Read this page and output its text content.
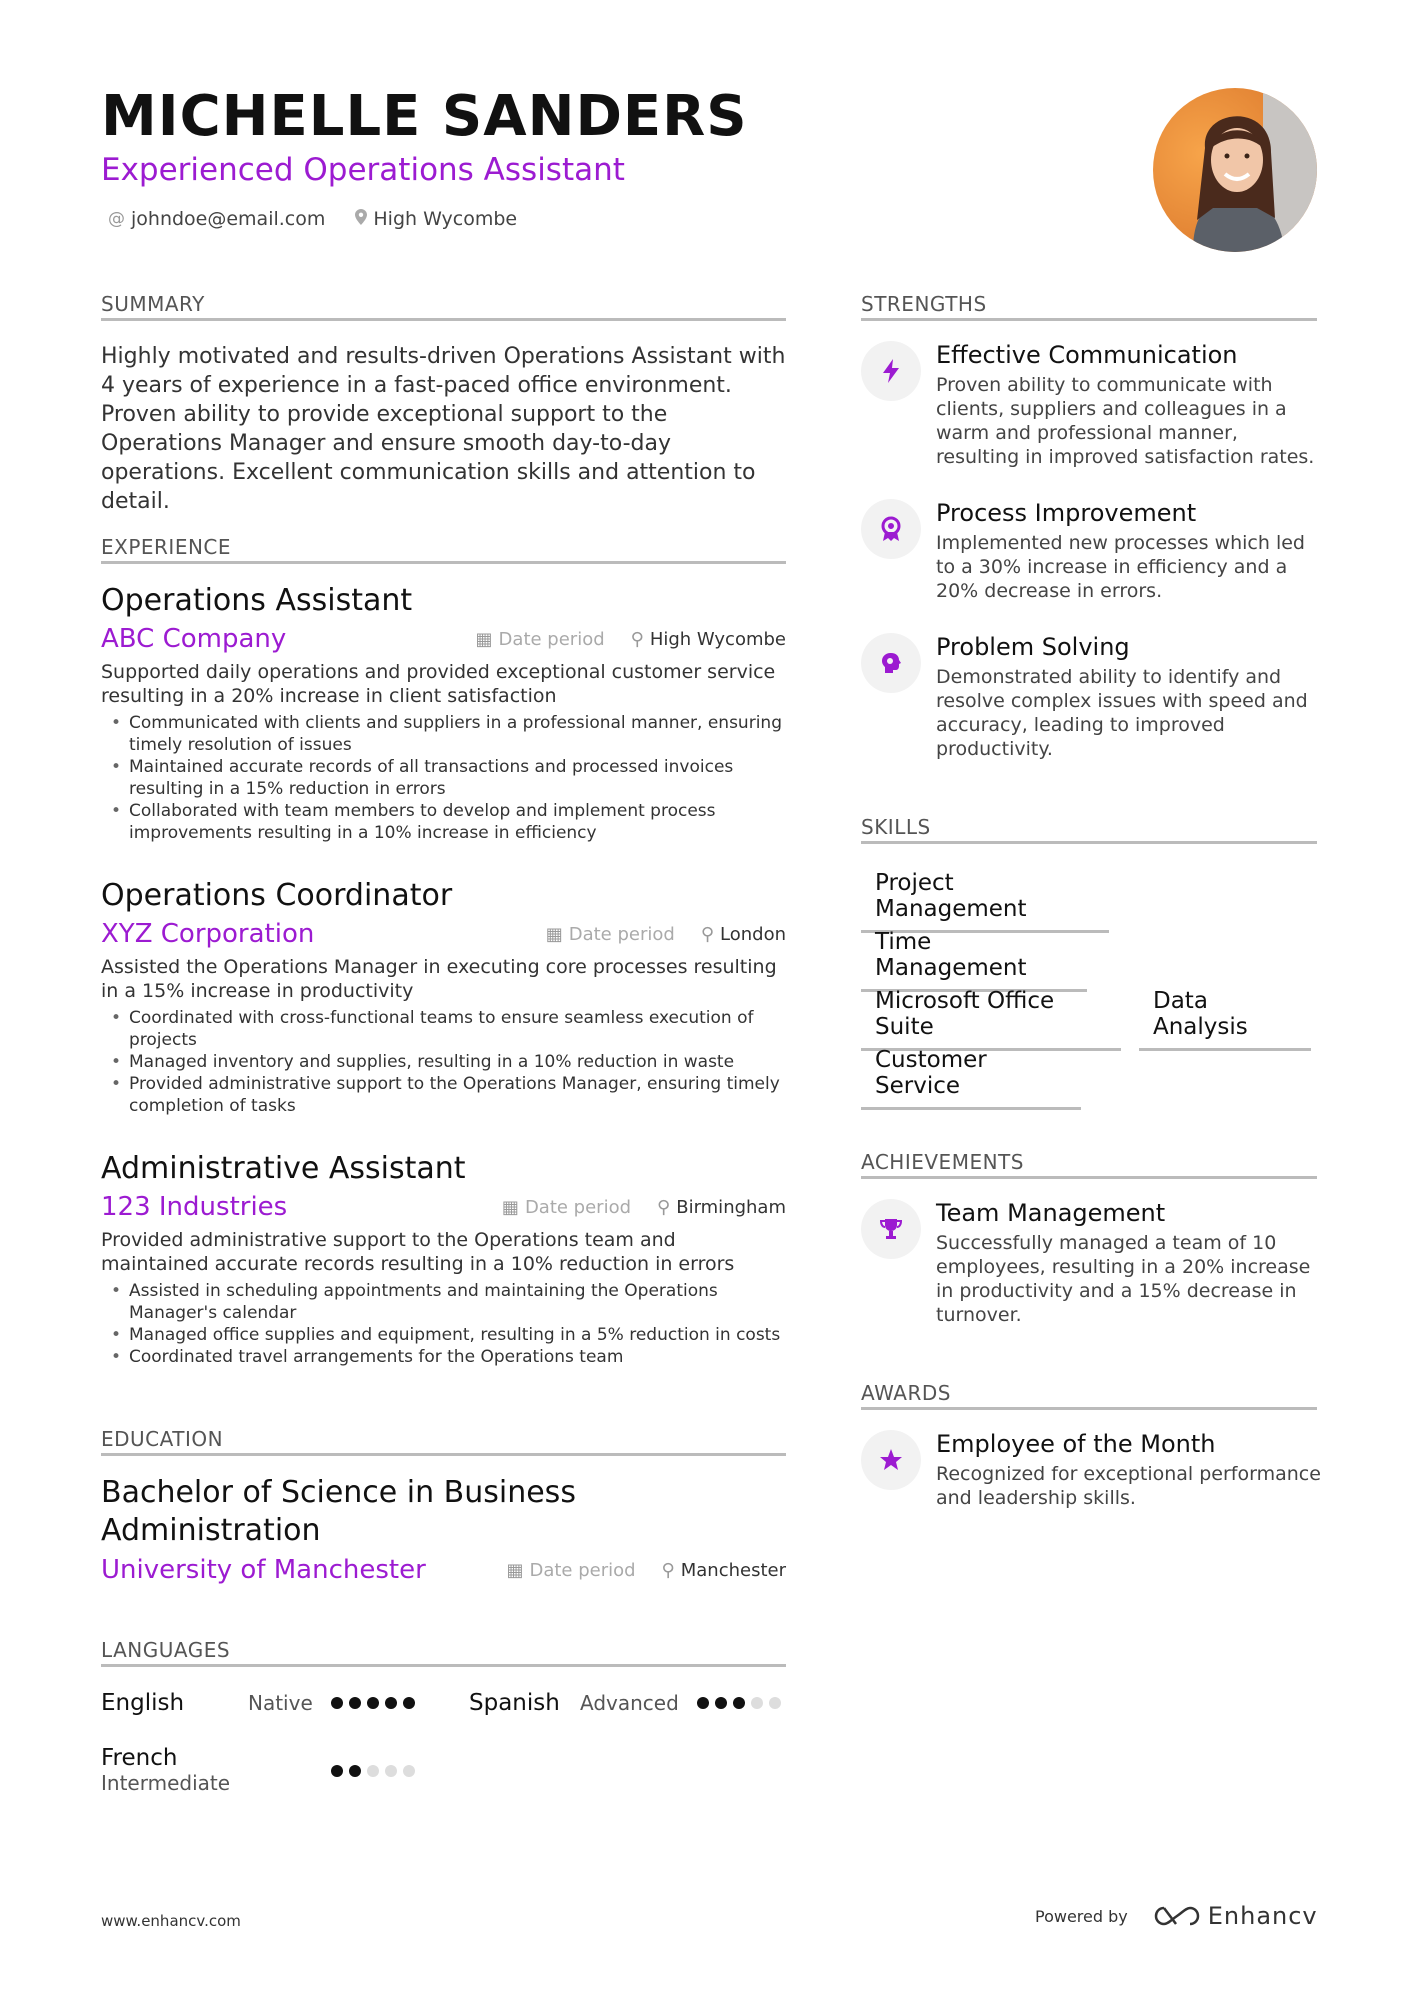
MICHELLE SANDERS
Experienced Operations Assistant
@ johndoe@email.com	High Wycombe
SUMMARY
Highly motivated and results-driven Operations Assistant with 4 years of experience in a fast-paced office environment. Proven ability to provide exceptional support to the Operations Manager and ensure smooth day-to-day operations. Excellent communication skills and attention to detail.
EXPERIENCE
Operations Assistant
ABC Company	▦ Date period ⚲ High Wycombe
Supported daily operations and provided exceptional customer service resulting in a 20% increase in client satisfaction
• Communicated with clients and suppliers in a professional manner, ensuring timely resolution of issues
• Maintained accurate records of all transactions and processed invoices resulting in a 15% reduction in errors
• Collaborated with team members to develop and implement process improvements resulting in a 10% increase in efficiency
Operations Coordinator
XYZ Corporation	▦ Date period ⚲ London
Assisted the Operations Manager in executing core processes resulting in a 15% increase in productivity
• Coordinated with cross-functional teams to ensure seamless execution of projects
• Managed inventory and supplies, resulting in a 10% reduction in waste
• Provided administrative support to the Operations Manager, ensuring timely completion of tasks
Administrative Assistant
123 Industries	▦ Date period ⚲ Birmingham
Provided administrative support to the Operations team and maintained accurate records resulting in a 10% reduction in errors
• Assisted in scheduling appointments and maintaining the Operations Manager's calendar
• Managed office supplies and equipment, resulting in a 5% reduction in costs
• Coordinated travel arrangements for the Operations team
EDUCATION
Bachelor of Science in Business Administration
University of Manchester	▦ Date period ⚲ Manchester
LANGUAGES
English	Native	Spanish	Advanced
French
Intermediate
STRENGTHS
Effective Communication
Proven ability to communicate with clients, suppliers and colleagues in a warm and professional manner, resulting in improved satisfaction rates.
Process Improvement
Implemented new processes which led to a 30% increase in efficiency and a 20% decrease in errors.
Problem Solving
Demonstrated ability to identify and resolve complex issues with speed and accuracy, leading to improved productivity.
SKILLS
Project Management
Time Management
Microsoft Office Suite
Data Analysis
Customer Service
ACHIEVEMENTS
Team Management
Successfully managed a team of 10 employees, resulting in a 20% increase in productivity and a 15% decrease in turnover.
AWARDS
Employee of the Month
Recognized for exceptional performance and leadership skills.
www.enhancv.com	Powered by	Enhancv
